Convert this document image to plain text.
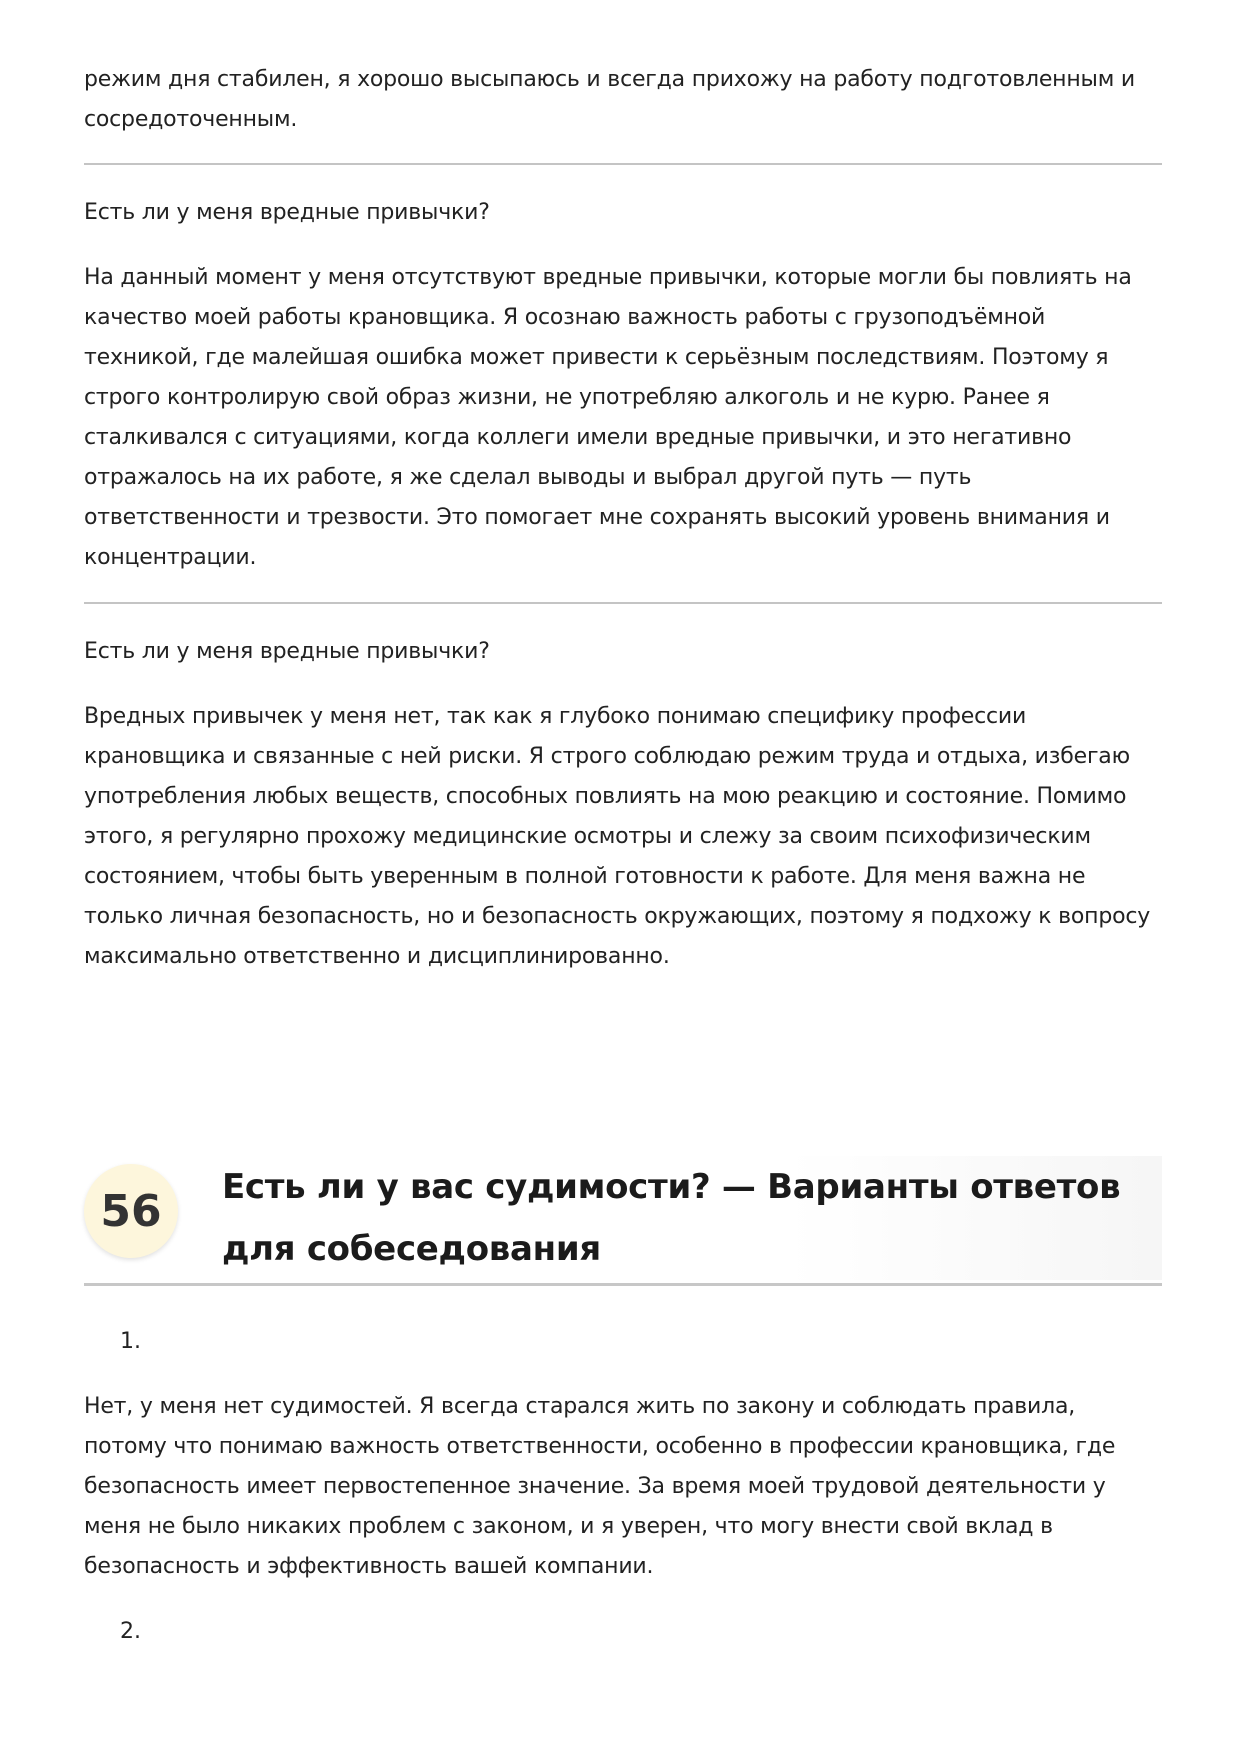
режим дня стабилен, я хорошо высыпаюсь и всегда прихожу на работу подготовленным и сосредоточенным.

Есть ли у меня вредные привычки?

На данный момент у меня отсутствуют вредные привычки, которые могли бы повлиять на качество моей работы крановщика. Я осознаю важность работы с грузоподъёмной техникой, где малейшая ошибка может привести к серьёзным последствиям. Поэтому я строго контролирую свой образ жизни, не употребляю алкоголь и не курю. Ранее я сталкивался с ситуациями, когда коллеги имели вредные привычки, и это негативно отражалось на их работе, я же сделал выводы и выбрал другой путь — путь ответственности и трезвости. Это помогает мне сохранять высокий уровень внимания и концентрации.

Есть ли у меня вредные привычки?

Вредных привычек у меня нет, так как я глубоко понимаю специфику профессии крановщика и связанные с ней риски. Я строго соблюдаю режим труда и отдыха, избегаю употребления любых веществ, способных повлиять на мою реакцию и состояние. Помимо этого, я регулярно прохожу медицинские осмотры и слежу за своим психофизическим состоянием, чтобы быть уверенным в полной готовности к работе. Для меня важна не только личная безопасность, но и безопасность окружающих, поэтому я подхожу к вопросу максимально ответственно и дисциплинированно.

56	Есть ли у вас судимости? — Варианты ответов для собеседования
1.

Нет, у меня нет судимостей. Я всегда старался жить по закону и соблюдать правила, потому что понимаю важность ответственности, особенно в профессии крановщика, где безопасность имеет первостепенное значение. За время моей трудовой деятельности у меня не было никаких проблем с законом, и я уверен, что могу внести свой вклад в безопасность и эффективность вашей компании.

2.
